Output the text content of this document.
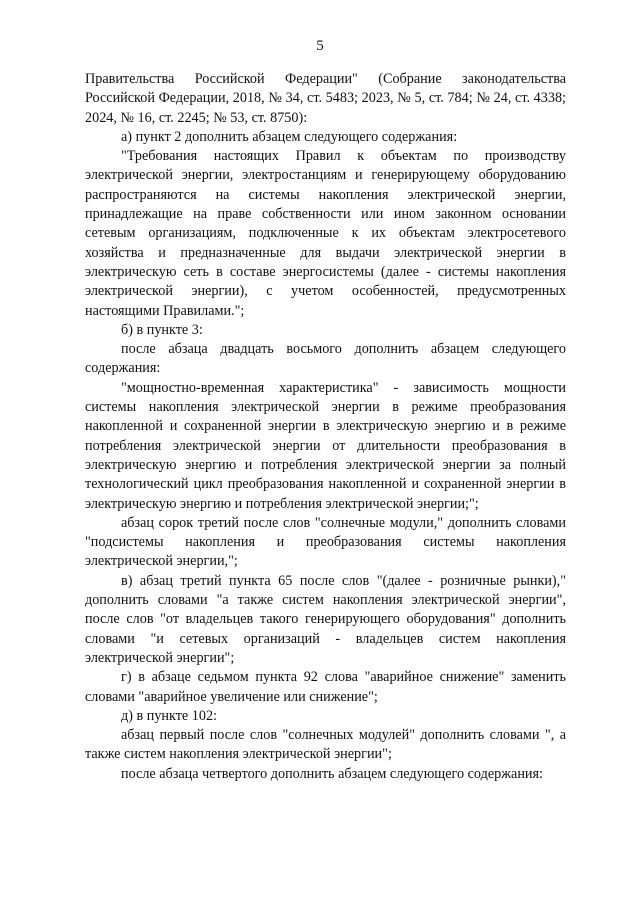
5

Правительства Российской Федерации" (Собрание законодательства Российской Федерации, 2018, № 34, ст. 5483; 2023, № 5, ст. 784; № 24, ст. 4338; 2024, № 16, ст. 2245; № 53, ст. 8750):

а) пункт 2 дополнить абзацем следующего содержания:

"Требования настоящих Правил к объектам по производству электрической энергии, электростанциям и генерирующему оборудованию распространяются на системы накопления электрической энергии, принадлежащие на праве собственности или ином законном основании сетевым организациям, подключенные к их объектам электросетевого хозяйства и предназначенные для выдачи электрической энергии в электрическую сеть в составе энергосистемы (далее - системы накопления электрической энергии), с учетом особенностей, предусмотренных настоящими Правилами.";

б) в пункте 3:

после абзаца двадцать восьмого дополнить абзацем следующего содержания:

"мощностно-временная характеристика" - зависимость мощности системы накопления электрической энергии в режиме преобразования накопленной и сохраненной энергии в электрическую энергию и в режиме потребления электрической энергии от длительности преобразования в электрическую энергию и потребления электрической энергии за полный технологический цикл преобразования накопленной и сохраненной энергии в электрическую энергию и потребления электрической энергии;";

абзац сорок третий после слов "солнечные модули," дополнить словами "подсистемы накопления и преобразования системы накопления электрической энергии,";

в) абзац третий пункта 65 после слов "(далее - розничные рынки)," дополнить словами "а также систем накопления электрической энергии", после слов "от владельцев такого генерирующего оборудования" дополнить словами "и сетевых организаций - владельцев систем накопления электрической энергии";

г) в абзаце седьмом пункта 92 слова "аварийное снижение" заменить словами "аварийное увеличение или снижение";

д) в пункте 102:

абзац первый после слов "солнечных модулей" дополнить словами ", а также систем накопления электрической энергии";

после абзаца четвертого дополнить абзацем следующего содержания:
